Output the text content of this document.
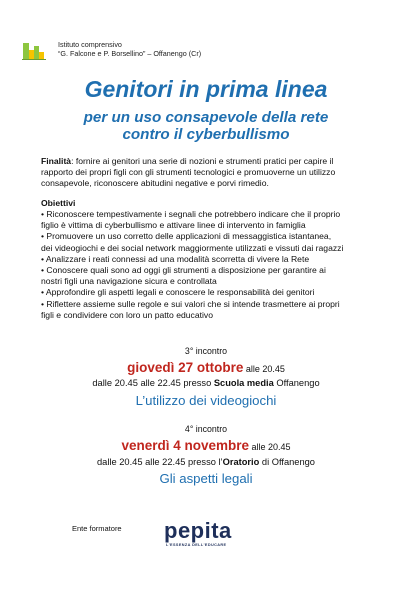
Istituto comprensivo
“G. Falcone e P. Borsellino” – Offanengo (Cr)
Genitori in prima linea
per un uso consapevole della rete
contro il cyberbullismo
Finalità: fornire ai genitori una serie di nozioni e strumenti pratici per capire il
rapporto dei propri figli con gli strumenti tecnologici e promuoverne un utilizzo
consapevole, riconoscere abitudini negative e porvi rimedio.
Obiettivi
• Riconoscere tempestivamente i segnali che potrebbero indicare che il proprio
figlio è vittima di cyberbullismo e attivare linee di intervento in famiglia
• Promuovere un uso corretto delle applicazioni di messaggistica istantanea,
dei videogiochi e dei social network maggiormente utilizzati e vissuti dai ragazzi
• Analizzare i reati connessi ad una modalità scorretta di vivere la Rete
• Conoscere quali sono ad oggi gli strumenti a disposizione per garantire ai
nostri figli una navigazione sicura e controllata
• Approfondire gli aspetti legali e conoscere le responsabilità dei genitori
• Riflettere assieme sulle regole e sui valori che si intende trasmettere ai propri
figli e condividere con loro un patto educativo
3° incontro
giovedì 27 ottobre alle 20.45
dalle 20.45 alle 22.45 presso Scuola media Offanengo
L’utilizzo dei videogiochi
4° incontro
venerdì 4 novembre alle 20.45
dalle 20.45 alle 22.45 presso l’Oratorio di Offanengo
Gli aspetti legali
Ente formatore pepita
L'ESSENZA DELL'EDUCARE
